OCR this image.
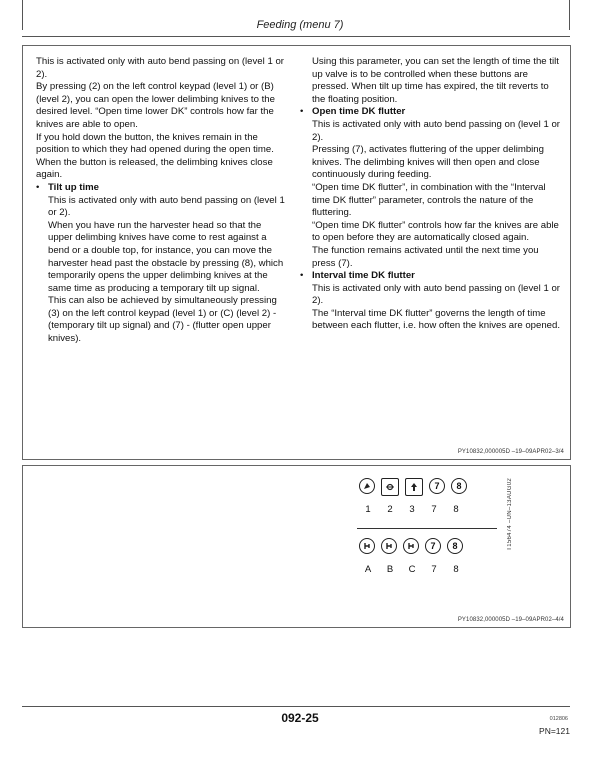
Feeding (menu 7)

This is activated only with auto bend passing on (level 1 or 2).

By pressing (2) on the left control keypad (level 1) or (B) (level 2), you can open the lower delimbing knives to the desired level. “Open time lower DK” controls how far the knives are able to open.

If you hold down the button, the knives remain in the position to which they had opened during the open time. When the button is released, the delimbing knives close again.

• Tilt up time

This is activated only with auto bend passing on (level 1 or 2).

When you have run the harvester head so that the upper delimbing knives have come to rest against a bend or a double top, for instance, you can move the harvester head past the obstacle by pressing (8), which temporarily opens the upper delimbing knives at the same time as producing a temporary tilt up signal.

This can also be achieved by simultaneously pressing (3) on the left control keypad (level 1) or (C) (level 2) - (temporary tilt up signal) and (7) - (flutter open upper knives).

Using this parameter, you can set the length of time the tilt up valve is to be controlled when these buttons are pressed. When tilt up time has expired, the tilt reverts to the floating position.

• Open time DK flutter

This is activated only with auto bend passing on (level 1 or 2).

Pressing (7), activates fluttering of the upper delimbing knives. The delimbing knives will then open and close continuously during feeding.

“Open time DK flutter”, in combination with the “Interval time DK flutter” parameter, controls the nature of the fluttering.

“Open time DK flutter” controls how far the knives are able to open before they are automatically closed again.

The function remains activated until the next time you press (7).

• Interval time DK flutter

This is activated only with auto bend passing on (level 1 or 2).

The “Interval time DK flutter” governs the length of time between each flutter, i.e. how often the knives are opened.

PY10832,000005D –19–09APR02–3/4
7	8
1	2	3	7	8
7	8
A	B	C	7	8
T156474 –UN–13AUG02
PY10832,000005D –19–09APR02–4/4
092-25	012806
PN=121
